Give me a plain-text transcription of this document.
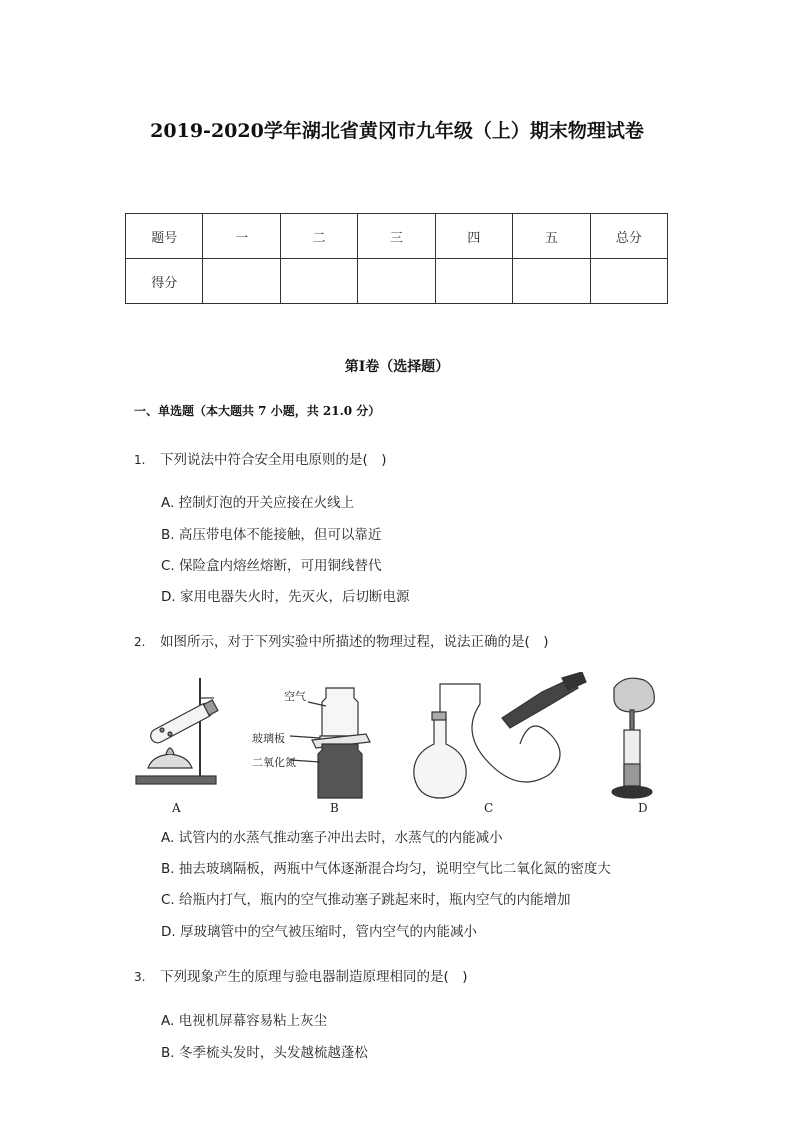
2019-2020学年湖北省黄冈市九年级（上）期末物理试卷
题号	一	二	三	四	五	总分
得分						
第Ⅰ卷（选择题）
一、单选题（本大题共 7 小题，共 21.0 分）
1. 下列说法中符合安全用电原则的是(　)
A. 控制灯泡的开关应接在火线上
B. 高压带电体不能接触，但可以靠近
C. 保险盒内熔丝熔断，可用铜线替代
D. 家用电器失火时，先灭火，后切断电源
2. 如图所示，对于下列实验中所描述的物理过程，说法正确的是(　)
A
空气
玻璃板
二氧化氮
B	C	D
A. 试管内的水蒸气推动塞子冲出去时，水蒸气的内能减小
B. 抽去玻璃隔板，两瓶中气体逐渐混合均匀，说明空气比二氧化氮的密度大
C. 给瓶内打气，瓶内的空气推动塞子跳起来时，瓶内空气的内能增加
D. 厚玻璃管中的空气被压缩时，管内空气的内能减小
3. 下列现象产生的原理与验电器制造原理相同的是(　)
A. 电视机屏幕容易粘上灰尘
B. 冬季梳头发时，头发越梳越蓬松
